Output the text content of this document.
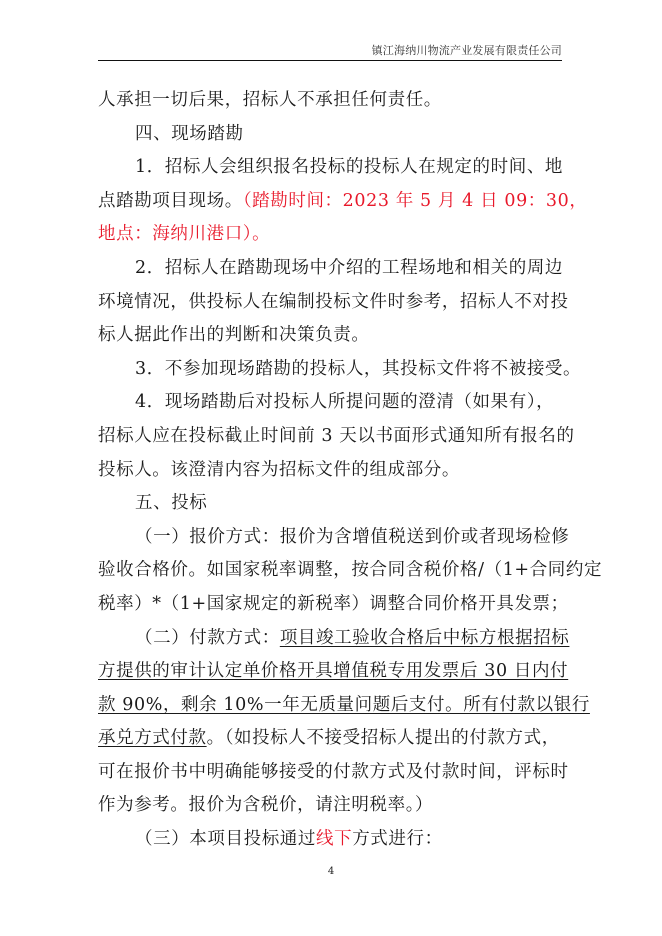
镇江海纳川物流产业发展有限责任公司
人承担一切后果，招标人不承担任何责任。
四、现场踏勘
1．招标人会组织报名投标的投标人在规定的时间、地
点踏勘项目现场。（踏勘时间：2023 年 5 月 4 日 09：30，
地点：海纳川港口）。
2．招标人在踏勘现场中介绍的工程场地和相关的周边
环境情况，供投标人在编制投标文件时参考，招标人不对投
标人据此作出的判断和决策负责。
3．不参加现场踏勘的投标人，其投标文件将不被接受。
4．现场踏勘后对投标人所提问题的澄清（如果有），
招标人应在投标截止时间前 3 天以书面形式通知所有报名的
投标人。该澄清内容为招标文件的组成部分。
五、投标
（一）报价方式：报价为含增值税送到价或者现场检修
验收合格价。如国家税率调整，按合同含税价格/（1+合同约定
税率）*（1+国家规定的新税率）调整合同价格开具发票；
（二）付款方式：项目竣工验收合格后中标方根据招标
方提供的审计认定单价格开具增值税专用发票后 30 日内付
款 90%，剩余 10%一年无质量问题后支付。所有付款以银行
承兑方式付款。（如投标人不接受招标人提出的付款方式，
可在报价书中明确能够接受的付款方式及付款时间，评标时
作为参考。报价为含税价，请注明税率。）
（三）本项目投标通过线下方式进行：
4
